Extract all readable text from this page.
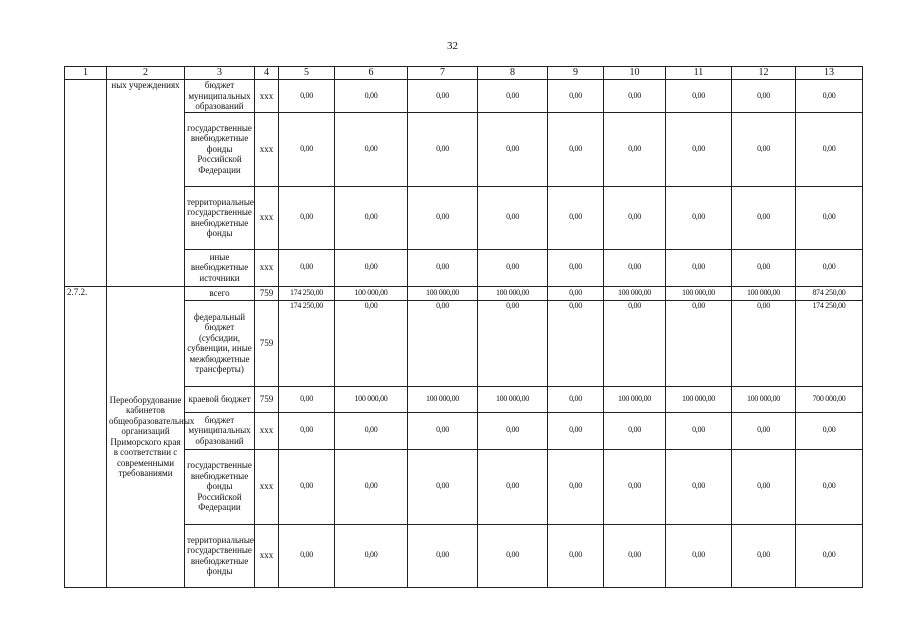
32
1	2	3	4	5	6	7	8	9	10	11	12	13
	ных учреждениях	бюджет муниципальных образований	xxx	0,00	0,00	0,00	0,00	0,00	0,00	0,00	0,00	0,00
		государственные внебюджетные фонды Российской Федерации	xxx	0,00	0,00	0,00	0,00	0,00	0,00	0,00	0,00	0,00
		территориальные государственные внебюджетные фонды	xxx	0,00	0,00	0,00	0,00	0,00	0,00	0,00	0,00	0,00
		иные внебюджетные источники	xxx	0,00	0,00	0,00	0,00	0,00	0,00	0,00	0,00	0,00
2.7.2.	Переоборудование кабинетов общеобразовательных организаций Приморского края в соответствии с современными требованиями	всего	759	174 250,00	100 000,00	100 000,00	100 000,00	0,00	100 000,00	100 000,00	100 000,00	874 250,00
		федеральный бюджет (субсидии, субвенции, иные межбюджетные трансферты)	759	174 250,00	0,00	0,00	0,00	0,00	0,00	0,00	0,00	174 250,00
		краевой бюджет	759	0,00	100 000,00	100 000,00	100 000,00	0,00	100 000,00	100 000,00	100 000,00	700 000,00
		бюджет муниципальных образований	xxx	0,00	0,00	0,00	0,00	0,00	0,00	0,00	0,00	0,00
		государственные внебюджетные фонды Российской Федерации	xxx	0,00	0,00	0,00	0,00	0,00	0,00	0,00	0,00	0,00
		территориальные государственные внебюджетные фонды	xxx	0,00	0,00	0,00	0,00	0,00	0,00	0,00	0,00	0,00
